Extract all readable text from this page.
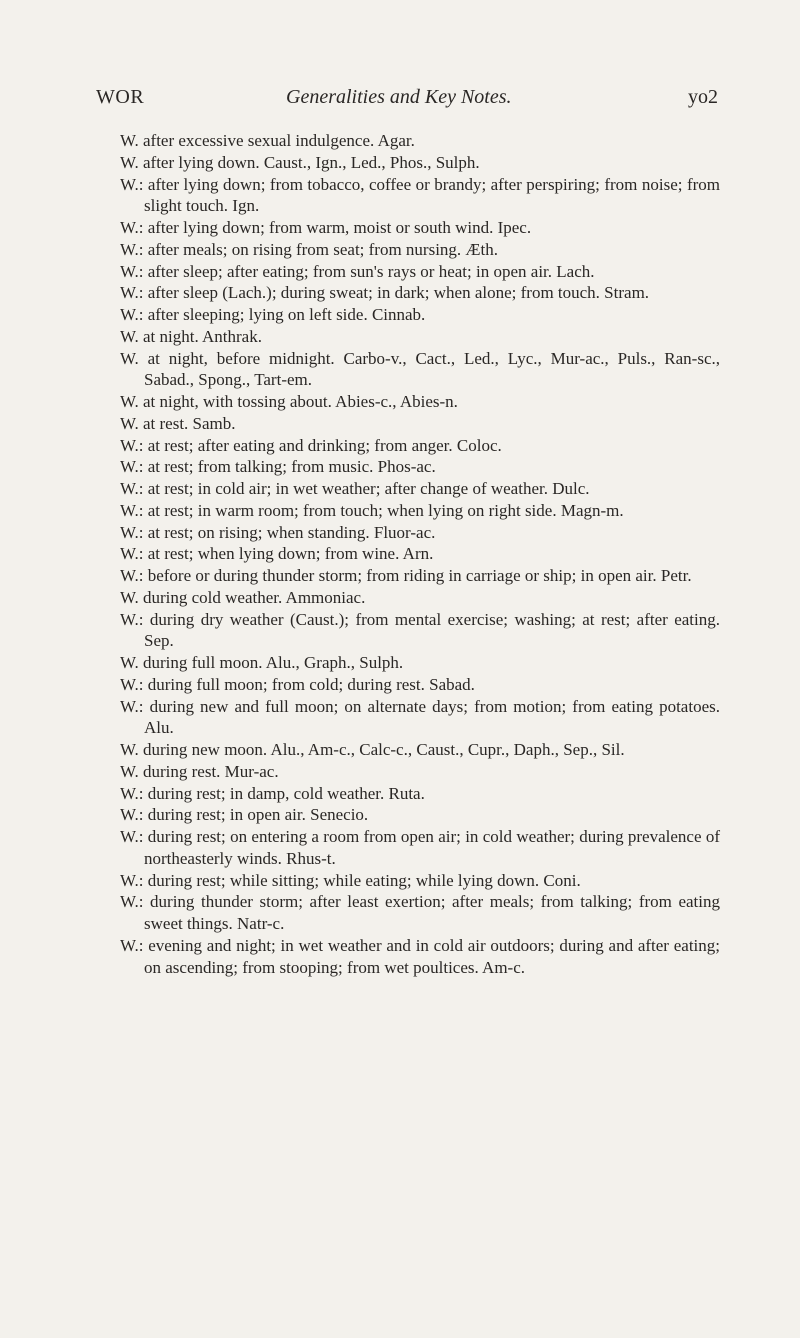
WOR	Generalities and Key Notes.	yo2

W. after excessive sexual indulgence. Agar.

W. after lying down. Caust., Ign., Led., Phos., Sulph.

W.: after lying down; from tobacco, coffee or brandy; after perspiring; from noise; from slight touch. Ign.

W.: after lying down; from warm, moist or south wind. Ipec.

W.: after meals; on rising from seat; from nursing. Æth.

W.: after sleep; after eating; from sun's rays or heat; in open air. Lach.

W.: after sleep (Lach.); during sweat; in dark; when alone; from touch. Stram.

W.: after sleeping; lying on left side. Cinnab.

W. at night. Anthrak.

W. at night, before midnight. Carbo-v., Cact., Led., Lyc., Mur-ac., Puls., Ran-sc., Sabad., Spong., Tart-em.

W. at night, with tossing about. Abies-c., Abies-n.

W. at rest. Samb.

W.: at rest; after eating and drinking; from anger. Coloc.

W.: at rest; from talking; from music. Phos-ac.

W.: at rest; in cold air; in wet weather; after change of weather. Dulc.

W.: at rest; in warm room; from touch; when lying on right side. Magn-m.

W.: at rest; on rising; when standing. Fluor-ac.

W.: at rest; when lying down; from wine. Arn.

W.: before or during thunder storm; from riding in carriage or ship; in open air. Petr.

W. during cold weather. Ammoniac.

W.: during dry weather (Caust.); from mental exercise; washing; at rest; after eating. Sep.

W. during full moon. Alu., Graph., Sulph.

W.: during full moon; from cold; during rest. Sabad.

W.: during new and full moon; on alternate days; from motion; from eating potatoes. Alu.

W. during new moon. Alu., Am-c., Calc-c., Caust., Cupr., Daph., Sep., Sil.

W. during rest. Mur-ac.

W.: during rest; in damp, cold weather. Ruta.

W.: during rest; in open air. Senecio.

W.: during rest; on entering a room from open air; in cold weather; during prevalence of northeasterly winds. Rhus-t.

W.: during rest; while sitting; while eating; while lying down. Coni.

W.: during thunder storm; after least exertion; after meals; from talking; from eating sweet things. Natr-c.

W.: evening and night; in wet weather and in cold air outdoors; during and after eating; on ascending; from stooping; from wet poultices. Am-c.
